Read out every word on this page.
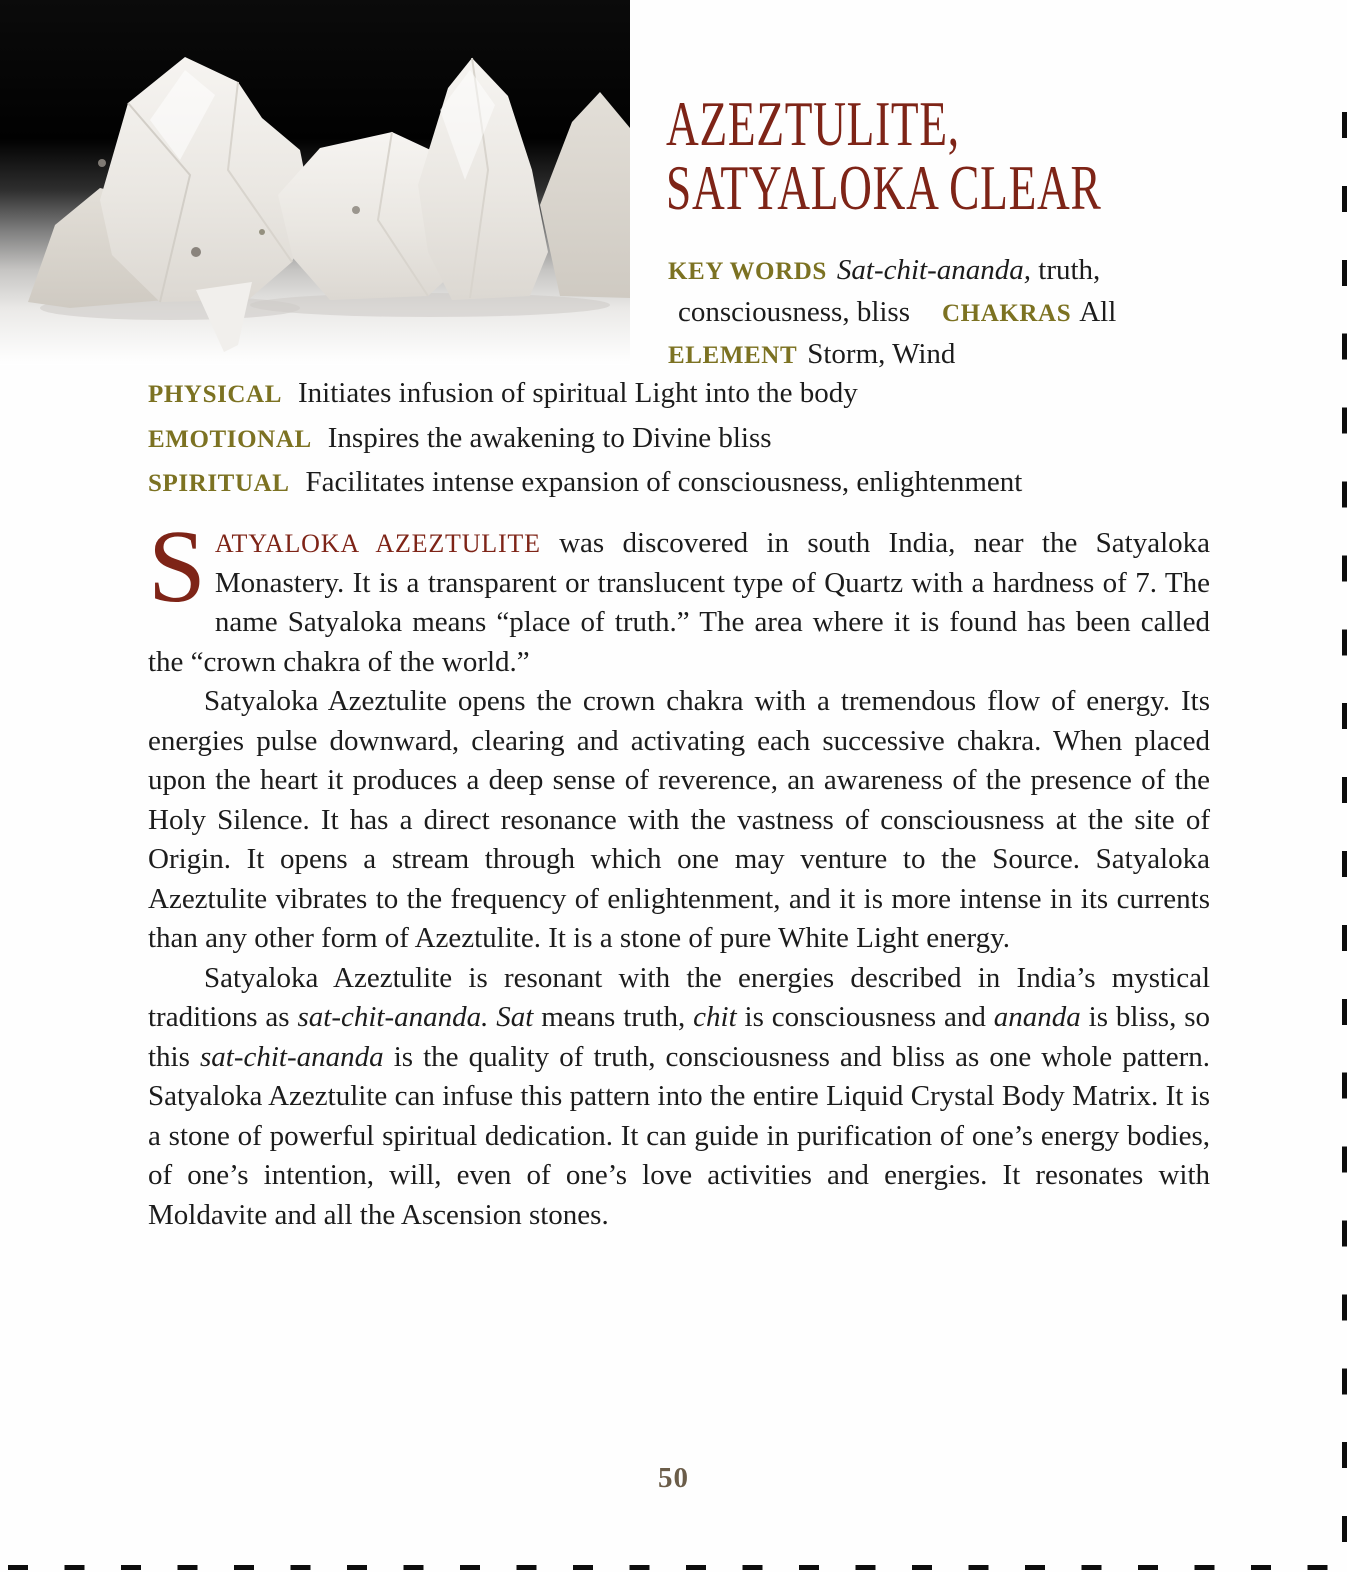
AZEZTULITE,
SATYALOKA CLEAR
KEY WORDS Sat-chit-ananda, truth,
consciousness, bliss CHAKRAS All
ELEMENT Storm, Wind
PHYSICAL Initiates infusion of spiritual Light into the body
EMOTIONAL Inspires the awakening to Divine bliss
SPIRITUAL Facilitates intense expansion of consciousness, enlightenment

SATYALOKA AZEZTULITE was discovered in south India, near the Satyaloka Monastery. It is a transparent or translucent type of Quartz with a hardness of 7. The name Satyaloka means “place of truth.” The area where it is found has been called the “crown chakra of the world.”

Satyaloka Azeztulite opens the crown chakra with a tremendous flow of energy. Its energies pulse downward, clearing and activating each successive chakra. When placed upon the heart it produces a deep sense of reverence, an awareness of the presence of the Holy Silence. It has a direct resonance with the vastness of consciousness at the site of Origin. It opens a stream through which one may venture to the Source. Satyaloka Azeztulite vibrates to the frequency of enlightenment, and it is more intense in its currents than any other form of Azeztulite. It is a stone of pure White Light energy.

Satyaloka Azeztulite is resonant with the energies described in India’s mystical traditions as sat-chit-ananda. Sat means truth, chit is consciousness and ananda is bliss, so this sat-chit-ananda is the quality of truth, consciousness and bliss as one whole pattern. Satyaloka Azeztulite can infuse this pattern into the entire Liquid Crystal Body Matrix. It is a stone of powerful spiritual dedication. It can guide in purification of one’s energy bodies, of one’s intention, will, even of one’s love activities and energies. It resonates with Moldavite and all the Ascension stones.

50
